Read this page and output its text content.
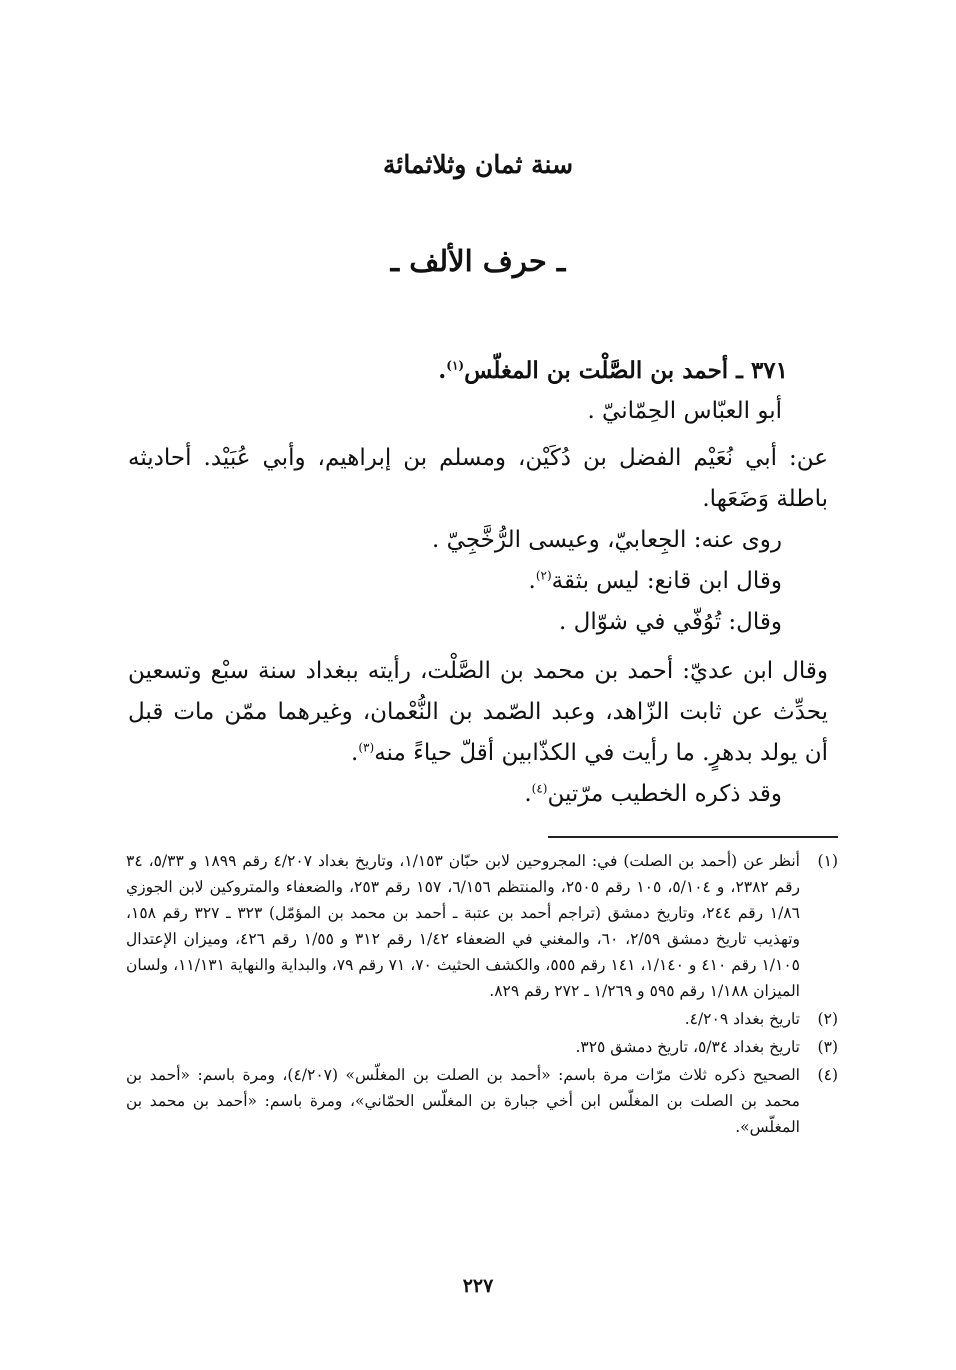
سنة ثمان وثلاثمائة
ـ حرف الألف ـ

٣٧١ ـ أحمد بن الصَّلْت بن المغلّس$^{(١)}$.

أبو العبّاس الحِمّانيّ .

عن: أبي نُعَيْم الفضل بن دُكَيْن، ومسلم بن إبراهيم، وأبي عُبَيْد. أحاديثه باطلة وَضَعَها.

روى عنه: الجِعابيّ، وعيسى الرُّخَّجِيّ .

وقال ابن قانع: ليس بثقة$^{(٢)}$.

وقال: تُوُفّي في شوّال .

وقال ابن عديّ: أحمد بن محمد بن الصَّلْت، رأيته ببغداد سنة سبْع وتسعين يحدِّث عن ثابت الزّاهد، وعبد الصّمد بن النُّعْمان، وغيرهما ممّن مات قبل أن يولد بدهرٍ. ما رأيت في الكذّابين أقلّ حياءً منه$^{(٣)}$.

وقد ذكره الخطيب مرّتين$^{(٤)}$.

(١)
أنظر عن (أحمد بن الصلت) في: المجروحين لابن حبّان ١/١٥٣، وتاريخ بغداد ٤/٢٠٧ رقم ١٨٩٩ و ٥/٣٣، ٣٤ رقم ٢٣٨٢، و ٥/١٠٤، ١٠٥ رقم ٢٥٠٥، والمنتظم ٦/١٥٦، ١٥٧ رقم ٢٥٣، والضعفاء والمتروكين لابن الجوزي ١/٨٦ رقم ٢٤٤، وتاريخ دمشق (تراجم أحمد بن عتبة ـ أحمد بن محمد بن المؤمّل) ٣٢٣ ـ ٣٢٧ رقم ١٥٨، وتهذيب تاريخ دمشق ٢/٥٩، ٦٠، والمغني في الضعفاء ١/٤٢ رقم ٣١٢ و ١/٥٥ رقم ٤٢٦، وميزان الإعتدال ١/١٠٥ رقم ٤١٠ و ١/١٤٠، ١٤١ رقم ٥٥٥، والكشف الحثيث ٧٠، ٧١ رقم ٧٩، والبداية والنهاية ١١/١٣١، ولسان الميزان ١/١٨٨ رقم ٥٩٥ و ١/٢٦٩ ـ ٢٧٢ رقم ٨٢٩.
(٢)
تاريخ بغداد ٤/٢٠٩.
(٣)
تاريخ بغداد ٥/٣٤، تاريخ دمشق ٣٢٥.
(٤)
الصحيح ذكره ثلاث مرّات مرة باسم: «أحمد بن الصلت بن المغلّس» (٤/٢٠٧)، ومرة باسم: «أحمد بن محمد بن الصلت بن المغلّس ابن أخي جبارة بن المغلّس الحمّاني»، ومرة باسم: «أحمد بن محمد بن المغلّس».
٢٢٧
